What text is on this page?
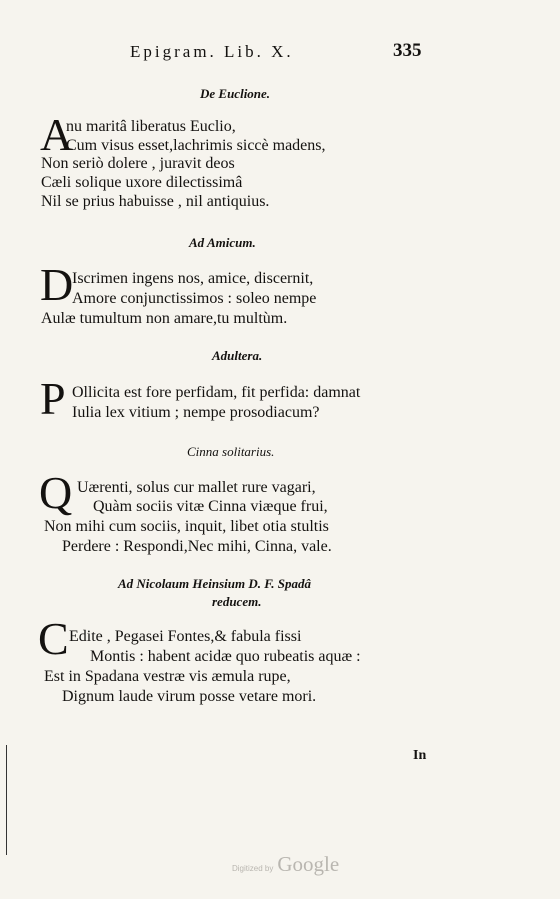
Epigram. Lib. X.	335
De Euclione.
A
nu maritâ liberatus Euclio,
Cum visus esset,lachrimis siccè madens,
Non seriò dolere , juravit deos
Cæli solique uxore dilectissimâ
Nil se prius habuisse , nil antiquius.
Ad Amicum.
D
Iscrimen ingens nos, amice, discernit,
Amore conjunctissimos : soleo nempe
Aulæ tumultum non amare,tu multùm.
Adultera.
P Ollicita est fore perfidam, fit perfida: damnat
Iulia lex vitium ; nempe prosodiacum?
Cinna solitarius.
Q Uærenti, solus cur mallet rure vagari,
Quàm sociis vitæ Cinna viæque frui,
Non mihi cum sociis, inquit, libet otia stultis
Perdere : Respondi,Nec mihi, Cinna, vale.
Ad Nicolaum Heinsium D. F. Spadâ
reducem.
C Edite , Pegasei Fontes,& fabula fissi
Montis : habent acidæ quo rubeatis aquæ :
Est in Spadana vestræ vis æmula rupe,
Dignum laude virum posse vetare mori.
In
Digitized by Google
